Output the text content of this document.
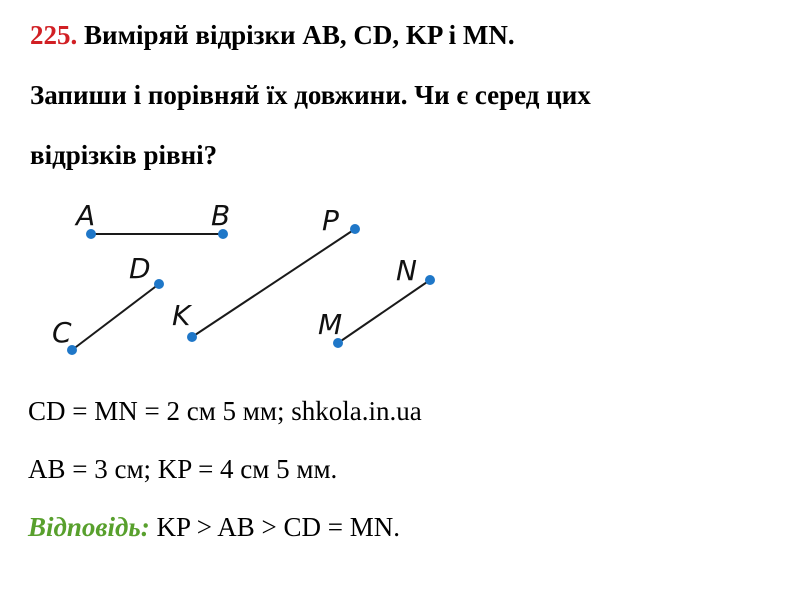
225. Виміряй відрізки AB, CD, KP і MN.
Запиши і порівняй їх довжини. Чи є серед цих
відрізків рівні?
A	B
C
D
K
P
M
N
CD = MN = 2 см 5 мм; shkola.in.ua
AB = 3 см; KP = 4 см 5 мм.
Відповідь: KP > AB > CD = MN.
